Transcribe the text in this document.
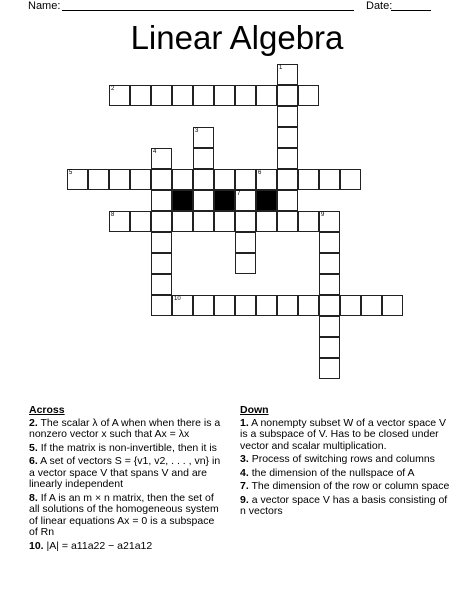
Name:	Date:
Linear Algebra
2
5	6
8	9
10
1
3
4
7
Across
2. The scalar λ of A when when there is a nonzero vector x such that Ax = λx
5. If the matrix is non-invertible, then it is
6. A set of vectors S = {v1, v2, . . . , vn} in a vector space V that spans V and are linearly independent
8. If A is an m × n matrix, then the set of all solutions of the homogeneous system of linear equations Ax = 0 is a subspace of Rn
10. |A| = a11a22 − a21a12
Down
1. A nonempty subset W of a vector space V is a subspace of V. Has to be closed under vector and scalar multiplication.
3. Process of switching rows and columns
4. the dimension of the nullspace of A
7. The dimension of the row or column space
9. a vector space V has a basis consisting of n vectors
